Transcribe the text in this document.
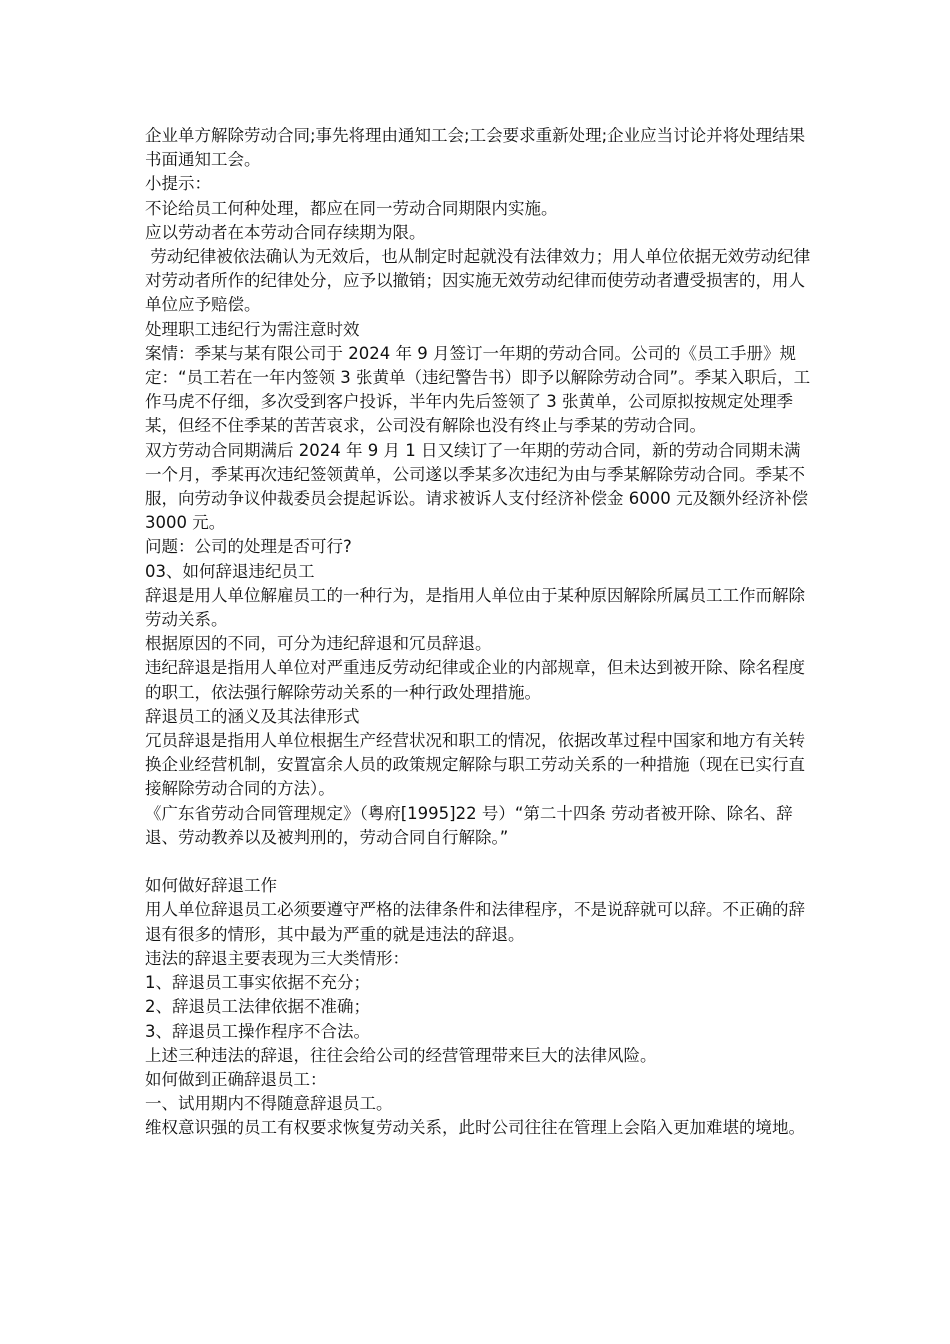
企业单方解除劳动合同;事先将理由通知工会;工会要求重新处理;企业应当讨论并将处理结果书面通知工会。

小提示：

不论给员工何种处理，都应在同一劳动合同期限内实施。

应以劳动者在本劳动合同存续期为限。

劳动纪律被依法确认为无效后，也从制定时起就没有法律效力；用人单位依据无效劳动纪律对劳动者所作的纪律处分，应予以撤销；因实施无效劳动纪律而使劳动者遭受损害的，用人单位应予赔偿。

处理职工违纪行为需注意时效

案情：季某与某有限公司于 2024 年 9 月签订一年期的劳动合同。公司的《员工手册》规定：“员工若在一年内签领 3 张黄单（违纪警告书）即予以解除劳动合同”。季某入职后，工作马虎不仔细，多次受到客户投诉，半年内先后签领了 3 张黄单，公司原拟按规定处理季某，但经不住季某的苦苦哀求，公司没有解除也没有终止与季某的劳动合同。

双方劳动合同期满后 2024 年 9 月 1 日又续订了一年期的劳动合同，新的劳动合同期未满一个月，季某再次违纪签领黄单，公司遂以季某多次违纪为由与季某解除劳动合同。季某不服，向劳动争议仲裁委员会提起诉讼。请求被诉人支付经济补偿金 6000 元及额外经济补偿 3000 元。

问题：公司的处理是否可行?

03、如何辞退违纪员工

辞退是用人单位解雇员工的一种行为，是指用人单位由于某种原因解除所属员工工作而解除劳动关系。

根据原因的不同，可分为违纪辞退和冗员辞退。

违纪辞退是指用人单位对严重违反劳动纪律或企业的内部规章，但未达到被开除、除名程度的职工，依法强行解除劳动关系的一种行政处理措施。

辞退员工的涵义及其法律形式

冗员辞退是指用人单位根据生产经营状况和职工的情况，依据改革过程中国家和地方有关转换企业经营机制，安置富余人员的政策规定解除与职工劳动关系的一种措施（现在已实行直接解除劳动合同的方法）。

《广东省劳动合同管理规定》（粤府[1995]22 号）“第二十四条 劳动者被开除、除名、辞退、劳动教养以及被判刑的，劳动合同自行解除。”

如何做好辞退工作

用人单位辞退员工必须要遵守严格的法律条件和法律程序，不是说辞就可以辞。不正确的辞退有很多的情形，其中最为严重的就是违法的辞退。

违法的辞退主要表现为三大类情形：

1、辞退员工事实依据不充分；

2、辞退员工法律依据不准确；

3、辞退员工操作程序不合法。

上述三种违法的辞退，往往会给公司的经营管理带来巨大的法律风险。

如何做到正确辞退员工：

一、试用期内不得随意辞退员工。

维权意识强的员工有权要求恢复劳动关系，此时公司往往在管理上会陷入更加难堪的境地。
